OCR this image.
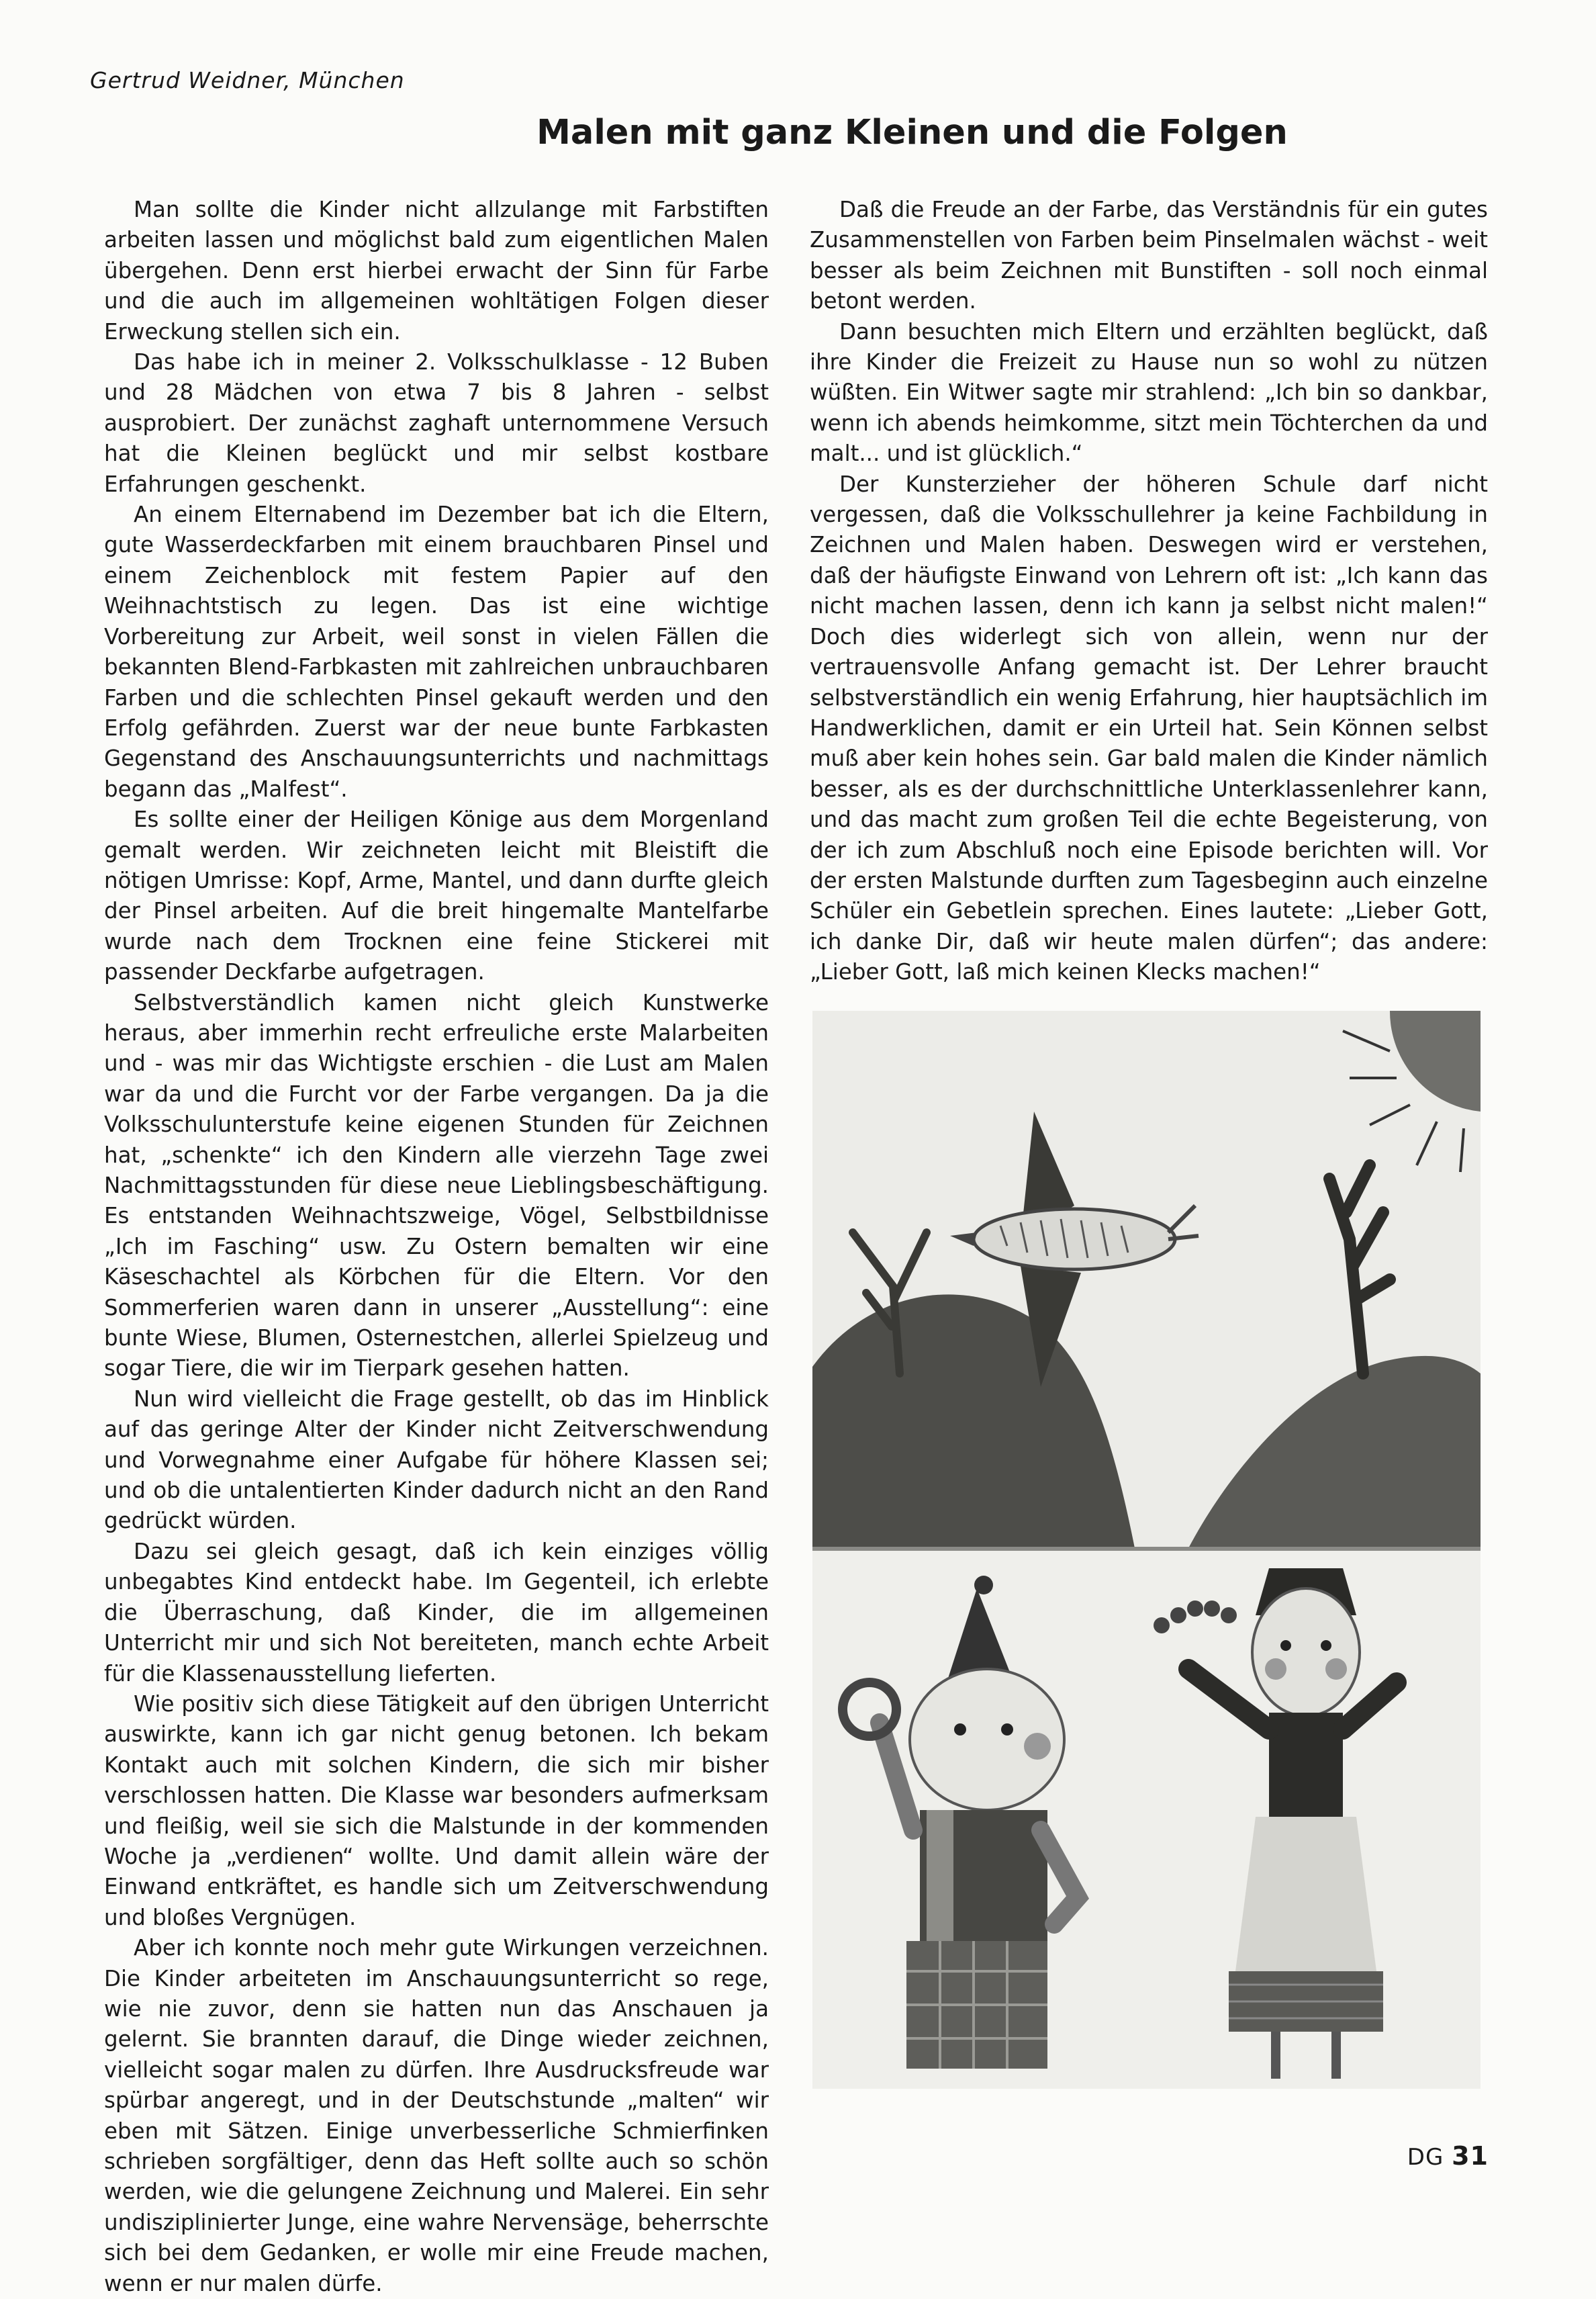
Gertrud Weidner, München
Malen mit ganz Kleinen und die Folgen

Man sollte die Kinder nicht allzulange mit Farbstiften arbeiten lassen und möglichst bald zum eigentlichen Malen übergehen. Denn erst hierbei erwacht der Sinn für Farbe und die auch im allgemeinen wohltätigen Folgen dieser Erweckung stellen sich ein.

Das habe ich in meiner 2. Volksschulklasse - 12 Buben und 28 Mädchen von etwa 7 bis 8 Jahren - selbst ausprobiert. Der zunächst zaghaft unternommene Versuch hat die Kleinen beglückt und mir selbst kostbare Erfahrungen geschenkt.

An einem Elternabend im Dezember bat ich die Eltern, gute Wasserdeckfarben mit einem brauchbaren Pinsel und einem Zeichenblock mit festem Papier auf den Weihnachtstisch zu legen. Das ist eine wichtige Vorbereitung zur Arbeit, weil sonst in vielen Fällen die bekannten Blend-Farbkasten mit zahlreichen unbrauchbaren Farben und die schlechten Pinsel gekauft werden und den Erfolg gefährden. Zuerst war der neue bunte Farbkasten Gegenstand des Anschauungsunterrichts und nachmittags begann das „Malfest“.

Es sollte einer der Heiligen Könige aus dem Morgenland gemalt werden. Wir zeichneten leicht mit Bleistift die nötigen Umrisse: Kopf, Arme, Mantel, und dann durfte gleich der Pinsel arbeiten. Auf die breit hingemalte Mantelfarbe wurde nach dem Trocknen eine feine Stickerei mit passender Deckfarbe aufgetragen.

Selbstverständlich kamen nicht gleich Kunstwerke heraus, aber immerhin recht erfreuliche erste Malarbeiten und - was mir das Wichtigste erschien - die Lust am Malen war da und die Furcht vor der Farbe vergangen. Da ja die Volksschulunterstufe keine eigenen Stunden für Zeichnen hat, „schenkte“ ich den Kindern alle vierzehn Tage zwei Nachmittagsstunden für diese neue Lieblingsbeschäftigung. Es entstanden Weihnachtszweige, Vögel, Selbstbildnisse „Ich im Fasching“ usw. Zu Ostern bemalten wir eine Käseschachtel als Körbchen für die Eltern. Vor den Sommerferien waren dann in unserer „Ausstellung“: eine bunte Wiese, Blumen, Osternestchen, allerlei Spielzeug und sogar Tiere, die wir im Tierpark gesehen hatten.

Nun wird vielleicht die Frage gestellt, ob das im Hinblick auf das geringe Alter der Kinder nicht Zeitverschwendung und Vorwegnahme einer Aufgabe für höhere Klassen sei; und ob die untalentierten Kinder dadurch nicht an den Rand gedrückt würden.

Dazu sei gleich gesagt, daß ich kein einziges völlig unbegabtes Kind entdeckt habe. Im Gegenteil, ich erlebte die Überraschung, daß Kinder, die im allgemeinen Unterricht mir und sich Not bereiteten, manch echte Arbeit für die Klassenausstellung lieferten.

Wie positiv sich diese Tätigkeit auf den übrigen Unterricht auswirkte, kann ich gar nicht genug betonen. Ich bekam Kontakt auch mit solchen Kindern, die sich mir bisher verschlossen hatten. Die Klasse war besonders aufmerksam und fleißig, weil sie sich die Malstunde in der kommenden Woche ja „verdienen“ wollte. Und damit allein wäre der Einwand entkräftet, es handle sich um Zeitverschwendung und bloßes Vergnügen.

Aber ich konnte noch mehr gute Wirkungen verzeichnen. Die Kinder arbeiteten im Anschauungsunterricht so rege, wie nie zuvor, denn sie hatten nun das Anschauen ja gelernt. Sie brannten darauf, die Dinge wieder zeichnen, vielleicht sogar malen zu dürfen. Ihre Ausdrucksfreude war spürbar angeregt, und in der Deutschstunde „malten“ wir eben mit Sätzen. Einige unverbesserliche Schmierfinken schrieben sorgfältiger, denn das Heft sollte auch so schön werden, wie die gelungene Zeichnung und Malerei. Ein sehr undisziplinierter Junge, eine wahre Nervensäge, beherrschte sich bei dem Gedanken, er wolle mir eine Freude machen, wenn er nur malen dürfe.

Daß die Freude an der Farbe, das Verständnis für ein gutes Zusammenstellen von Farben beim Pinselmalen wächst - weit besser als beim Zeichnen mit Bunstiften - soll noch einmal betont werden.

Dann besuchten mich Eltern und erzählten beglückt, daß ihre Kinder die Freizeit zu Hause nun so wohl zu nützen wüßten. Ein Witwer sagte mir strahlend: „Ich bin so dankbar, wenn ich abends heimkomme, sitzt mein Töchterchen da und malt... und ist glücklich.“

Der Kunsterzieher der höheren Schule darf nicht vergessen, daß die Volksschullehrer ja keine Fachbildung in Zeichnen und Malen haben. Deswegen wird er verstehen, daß der häufigste Einwand von Lehrern oft ist: „Ich kann das nicht machen lassen, denn ich kann ja selbst nicht malen!“ Doch dies widerlegt sich von allein, wenn nur der vertrauensvolle Anfang gemacht ist. Der Lehrer braucht selbstverständlich ein wenig Erfahrung, hier hauptsächlich im Handwerklichen, damit er ein Urteil hat. Sein Können selbst muß aber kein hohes sein. Gar bald malen die Kinder nämlich besser, als es der durchschnittliche Unterklassenlehrer kann, und das macht zum großen Teil die echte Begeisterung, von der ich zum Abschluß noch eine Episode berichten will. Vor der ersten Malstunde durften zum Tagesbeginn auch einzelne Schüler ein Gebetlein sprechen. Eines lautete: „Lieber Gott, ich danke Dir, daß wir heute malen dürfen“; das andere: „Lieber Gott, laß mich keinen Klecks machen!“

DG 31
